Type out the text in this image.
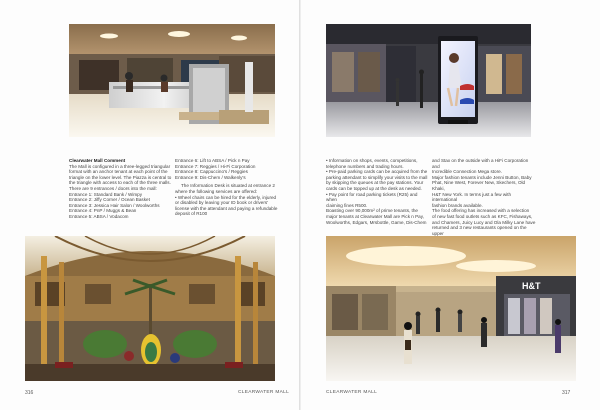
Clearwater Mall Comment

The Mall is configured in a three-legged triangular

format with an anchor tenant at each point of the

triangle on the lower level. The Piazza is central to

the triangle with access to each of the three malls.

There are 9 entrances / doors into the mall:

Entrance 1: Standard Bank / Wimpy

Entrance 2: Jiffy Corner / Ocean Basket

Entrance 3: Jessica Hair Salon / Woolworths

Entrance 4: PnP / Muggs & Bean

Entrance 5: ABSA / Vodacom

Entrance 6: Lift to ABSA / Pick n Pay

Entrance 7: Reggies / Hi-Fi Corporation

Entrance 8: Cappuccino's / Reggies

Entrance 9: Dis-Chem / Walkenly's

The Information Desk is situated at entrance 2

where the following services are offered:

• Wheel chairs can be hired for the elderly, injured

or disabled by leaving your ID book or drivers'

license with the attendant and paying a refundable

deposit of R100

316	CLEARWATER MALL

• Information on shops, events, competitions,

telephone numbers and trading hours.

• Pre-paid parking cards can be acquired from the

parking attendant to simplify your visits to the mall

by skipping the queues at the pay stations. Your

cards can be topped up at the desk as needed.

• Pay point for road parking tickets (R25) and when

claiming fines R500.

Boasting over 90,000m² of prime tenants, the

major tenants at Clearwater Mall are Pick n Pay,

Woolworths, Edgars, Mrsbottle, Game, Dis-Chem

and Stax on the outside with a HiFi Corporation and

Incredible Connection Mega store.

Major fashion tenants include Jenni Button, Baby

Phat, Nine West, Forever New, Skechers, Old Khaki,

H&T New York. In terms just a few with international

fashion brands available.

The food offering has increased with a selection

of new fast food outlets such as KFC, Fishaways,

and Chamers, Juicy Lucy and Ola Milky Lane have

returned and 3 new restaurants opened on the upper

H&T
CLEARWATER MALL	317
